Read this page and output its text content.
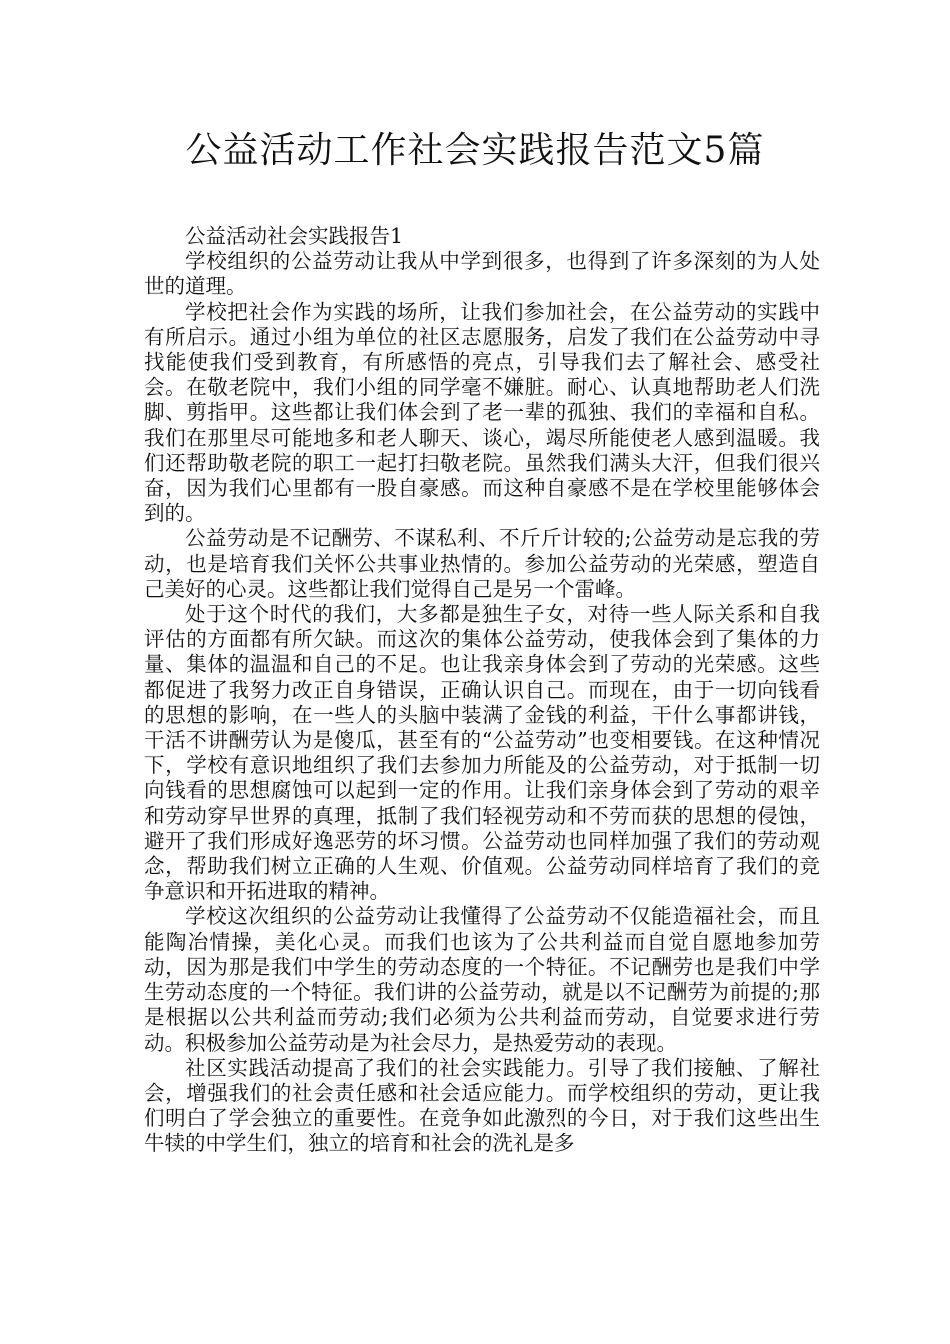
公益活动工作社会实践报告范文5篇

公益活动社会实践报告1

学校组织的公益劳动让我从中学到很多，也得到了许多深刻的为人处世的道理。

学校把社会作为实践的场所，让我们参加社会，在公益劳动的实践中有所启示。通过小组为单位的社区志愿服务，启发了我们在公益劳动中寻找能使我们受到教育，有所感悟的亮点，引导我们去了解社会、感受社会。在敬老院中，我们小组的同学毫不嫌脏。耐心、认真地帮助老人们洗脚、剪指甲。这些都让我们体会到了老一辈的孤独、我们的幸福和自私。我们在那里尽可能地多和老人聊天、谈心，竭尽所能使老人感到温暖。我们还帮助敬老院的职工一起打扫敬老院。虽然我们满头大汗，但我们很兴奋，因为我们心里都有一股自豪感。而这种自豪感不是在学校里能够体会到的。

公益劳动是不记酬劳、不谋私利、不斤斤计较的;公益劳动是忘我的劳动，也是培育我们关怀公共事业热情的。参加公益劳动的光荣感，塑造自己美好的心灵。这些都让我们觉得自己是另一个雷峰。

处于这个时代的我们，大多都是独生子女，对待一些人际关系和自我评估的方面都有所欠缺。而这次的集体公益劳动，使我体会到了集体的力量、集体的温温和自己的不足。也让我亲身体会到了劳动的光荣感。这些都促进了我努力改正自身错误，正确认识自己。而现在，由于一切向钱看的思想的影响，在一些人的头脑中装满了金钱的利益，干什么事都讲钱，干活不讲酬劳认为是傻瓜，甚至有的“公益劳动”也变相要钱。在这种情况下，学校有意识地组织了我们去参加力所能及的公益劳动，对于抵制一切向钱看的思想腐蚀可以起到一定的作用。让我们亲身体会到了劳动的艰辛和劳动穿早世界的真理，抵制了我们轻视劳动和不劳而获的思想的侵蚀，避开了我们形成好逸恶劳的坏习惯。公益劳动也同样加强了我们的劳动观念，帮助我们树立正确的人生观、价值观。公益劳动同样培育了我们的竞争意识和开拓进取的精神。

学校这次组织的公益劳动让我懂得了公益劳动不仅能造福社会，而且能陶冶情操，美化心灵。而我们也该为了公共利益而自觉自愿地参加劳动，因为那是我们中学生的劳动态度的一个特征。不记酬劳也是我们中学生劳动态度的一个特征。我们讲的公益劳动，就是以不记酬劳为前提的;那是根据以公共利益而劳动;我们必须为公共利益而劳动，自觉要求进行劳动。积极参加公益劳动是为社会尽力，是热爱劳动的表现。

社区实践活动提高了我们的社会实践能力。引导了我们接触、了解社会，增强我们的社会责任感和社会适应能力。而学校组织的劳动，更让我们明白了学会独立的重要性。在竞争如此激烈的今日，对于我们这些出生牛犊的中学生们，独立的培育和社会的洗礼是多
